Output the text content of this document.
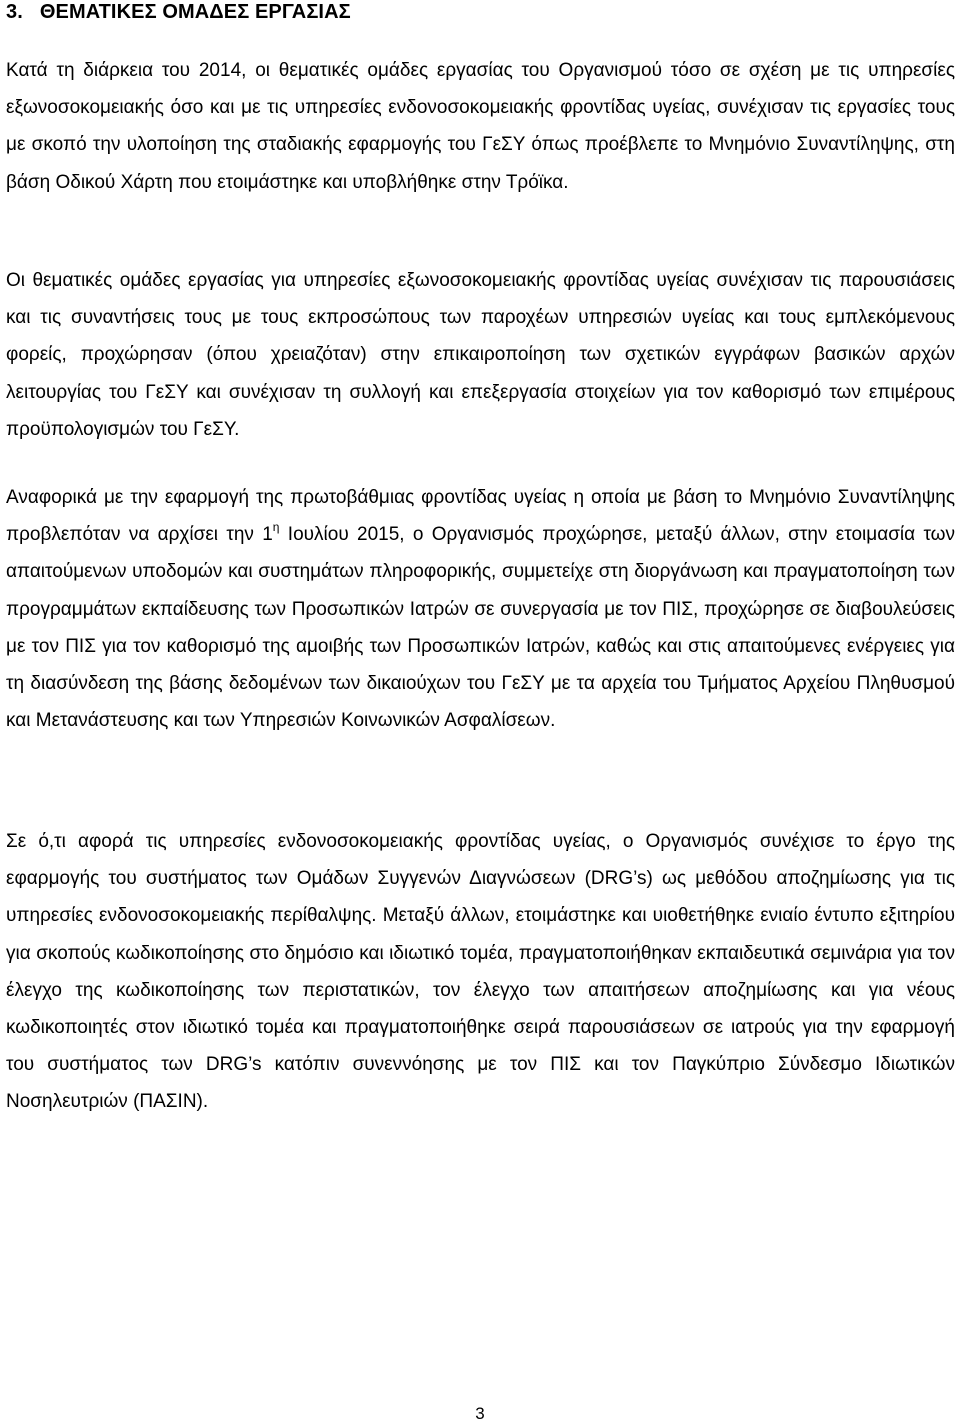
3. ΘΕΜΑΤΙΚΕΣ ΟΜΑΔΕΣ ΕΡΓΑΣΙΑΣ

Κατά τη διάρκεια του 2014, οι θεματικές ομάδες εργασίας του Οργανισμού τόσο σε σχέση με τις υπηρεσίες εξωνοσοκομειακής όσο και με τις υπηρεσίες ενδονοσοκομειακής φροντίδας υγείας, συνέχισαν τις εργασίες τους με σκοπό την υλοποίηση της σταδιακής εφαρμογής του ΓεΣΥ όπως προέβλεπε το Μνημόνιο Συναντίληψης, στη βάση Οδικού Χάρτη που ετοιμάστηκε και υποβλήθηκε στην Τρόϊκα.

Οι θεματικές ομάδες εργασίας για υπηρεσίες εξωνοσοκομειακής φροντίδας υγείας συνέχισαν τις παρουσιάσεις και τις συναντήσεις τους με τους εκπροσώπους των παροχέων υπηρεσιών υγείας και τους εμπλεκόμενους φορείς, προχώρησαν (όπου χρειαζόταν) στην επικαιροποίηση των σχετικών εγγράφων βασικών αρχών λειτουργίας του ΓεΣΥ και συνέχισαν τη συλλογή και επεξεργασία στοιχείων για τον καθορισμό των επιμέρους προϋπολογισμών του ΓεΣΥ.

Αναφορικά με την εφαρμογή της πρωτοβάθμιας φροντίδας υγείας η οποία με βάση το Μνημόνιο Συναντίληψης προβλεπόταν να αρχίσει την $1^\eta$ Ιουλίου 2015, ο Οργανισμός προχώρησε, μεταξύ άλλων, στην ετοιμασία των απαιτούμενων υποδομών και συστημάτων πληροφορικής, συμμετείχε στη διοργάνωση και πραγματοποίηση των προγραμμάτων εκπαίδευσης των Προσωπικών Ιατρών σε συνεργασία με τον ΠΙΣ, προχώρησε σε διαβουλεύσεις με τον ΠΙΣ για τον καθορισμό της αμοιβής των Προσωπικών Ιατρών, καθώς και στις απαιτούμενες ενέργειες για τη διασύνδεση της βάσης δεδομένων των δικαιούχων του ΓεΣΥ με τα αρχεία του Τμήματος Αρχείου Πληθυσμού και Μετανάστευσης και των Υπηρεσιών Κοινωνικών Ασφαλίσεων.

Σε ό,τι αφορά τις υπηρεσίες ενδονοσοκομειακής φροντίδας υγείας, ο Οργανισμός συνέχισε το έργο της εφαρμογής του συστήματος των Ομάδων Συγγενών Διαγνώσεων (DRG’s) ως μεθόδου αποζημίωσης για τις υπηρεσίες ενδονοσοκομειακής περίθαλψης. Μεταξύ άλλων, ετοιμάστηκε και υιοθετήθηκε ενιαίο έντυπο εξιτηρίου για σκοπούς κωδικοποίησης στο δημόσιο και ιδιωτικό τομέα, πραγματοποιήθηκαν εκπαιδευτικά σεμινάρια για τον έλεγχο της κωδικοποίησης των περιστατικών, τον έλεγχο των απαιτήσεων αποζημίωσης και για νέους κωδικοποιητές στον ιδιωτικό τομέα και πραγματοποιήθηκε σειρά παρουσιάσεων σε ιατρούς για την εφαρμογή του συστήματος των DRG’s κατόπιν συνεννόησης με τον ΠΙΣ και τον Παγκύπριο Σύνδεσμο Ιδιωτικών Νοσηλευτριών (ΠΑΣΙΝ).

3
